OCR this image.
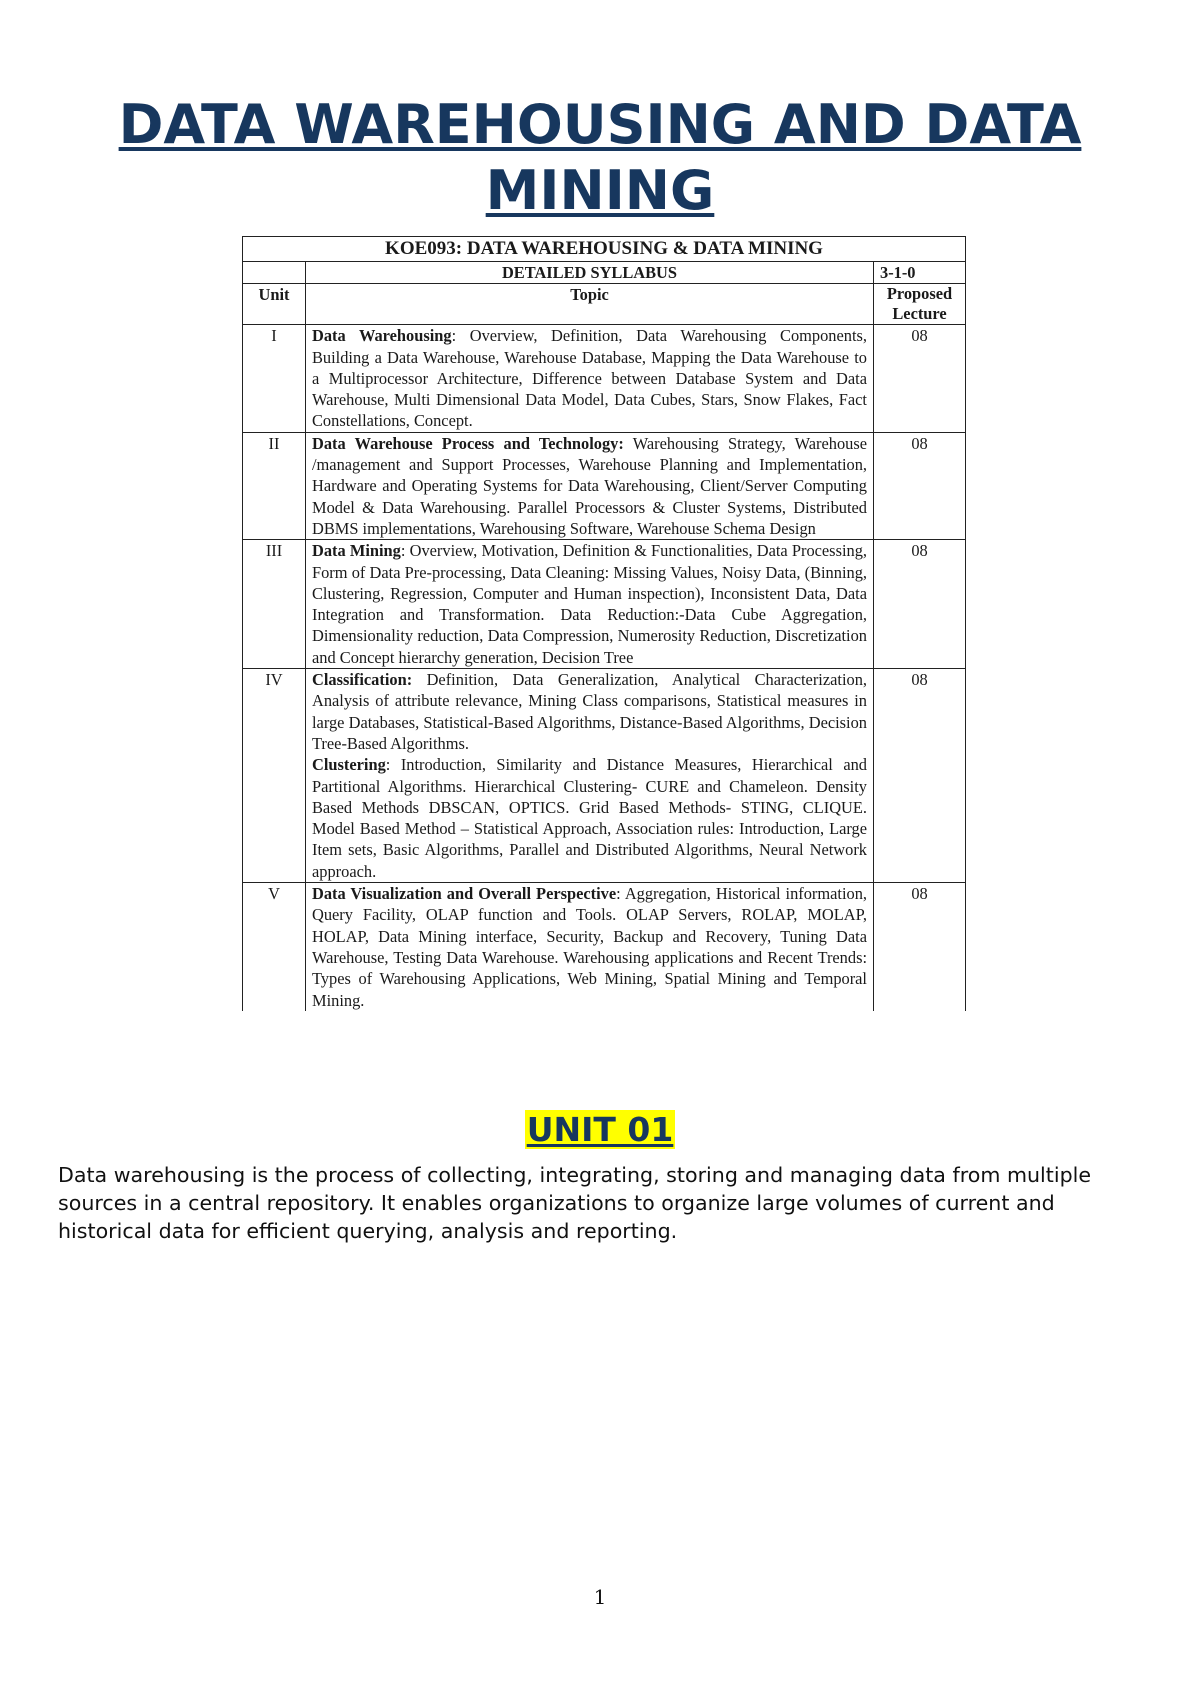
DATA WAREHOUSING AND DATA MINING
KOE093: DATA WAREHOUSING & DATA MINING		
	DETAILED SYLLABUS	3-1-0
Unit	Topic	Proposed Lecture
I	Data Warehousing: Overview, Definition, Data Warehousing Components, Building a Data Warehouse, Warehouse Database, Mapping the Data Warehouse to a Multiprocessor Architecture, Difference between Database System and Data Warehouse, Multi Dimensional Data Model, Data Cubes, Stars, Snow Flakes, Fact Constellations, Concept.	08
II	Data Warehouse Process and Technology: Warehousing Strategy, Warehouse /management and Support Processes, Warehouse Planning and Implementation, Hardware and Operating Systems for Data Warehousing, Client/Server Computing Model & Data Warehousing. Parallel Processors & Cluster Systems, Distributed DBMS implementations, Warehousing Software, Warehouse Schema Design	08
III	Data Mining: Overview, Motivation, Definition & Functionalities, Data Processing, Form of Data Pre-processing, Data Cleaning: Missing Values, Noisy Data, (Binning, Clustering, Regression, Computer and Human inspection), Inconsistent Data, Data Integration and Transformation. Data Reduction:-Data Cube Aggregation, Dimensionality reduction, Data Compression, Numerosity Reduction, Discretization and Concept hierarchy generation, Decision Tree	08
IV	Classification: Definition, Data Generalization, Analytical Characterization, Analysis of attribute relevance, Mining Class comparisons, Statistical measures in large Databases, Statistical-Based Algorithms, Distance-Based Algorithms, Decision Tree-Based Algorithms.
Clustering: Introduction, Similarity and Distance Measures, Hierarchical and Partitional Algorithms. Hierarchical Clustering- CURE and Chameleon. Density Based Methods DBSCAN, OPTICS. Grid Based Methods- STING, CLIQUE. Model Based Method – Statistical Approach, Association rules: Introduction, Large Item sets, Basic Algorithms, Parallel and Distributed Algorithms, Neural Network approach.	08
V	Data Visualization and Overall Perspective: Aggregation, Historical information, Query Facility, OLAP function and Tools. OLAP Servers, ROLAP, MOLAP, HOLAP, Data Mining interface, Security, Backup and Recovery, Tuning Data Warehouse, Testing Data Warehouse. Warehousing applications and Recent Trends: Types of Warehousing Applications, Web Mining, Spatial Mining and Temporal Mining.	08
UNIT 01

Data warehousing is the process of collecting, integrating, storing and managing data from multiple sources in a central repository. It enables organizations to organize large volumes of current and historical data for efficient querying, analysis and reporting.

1
